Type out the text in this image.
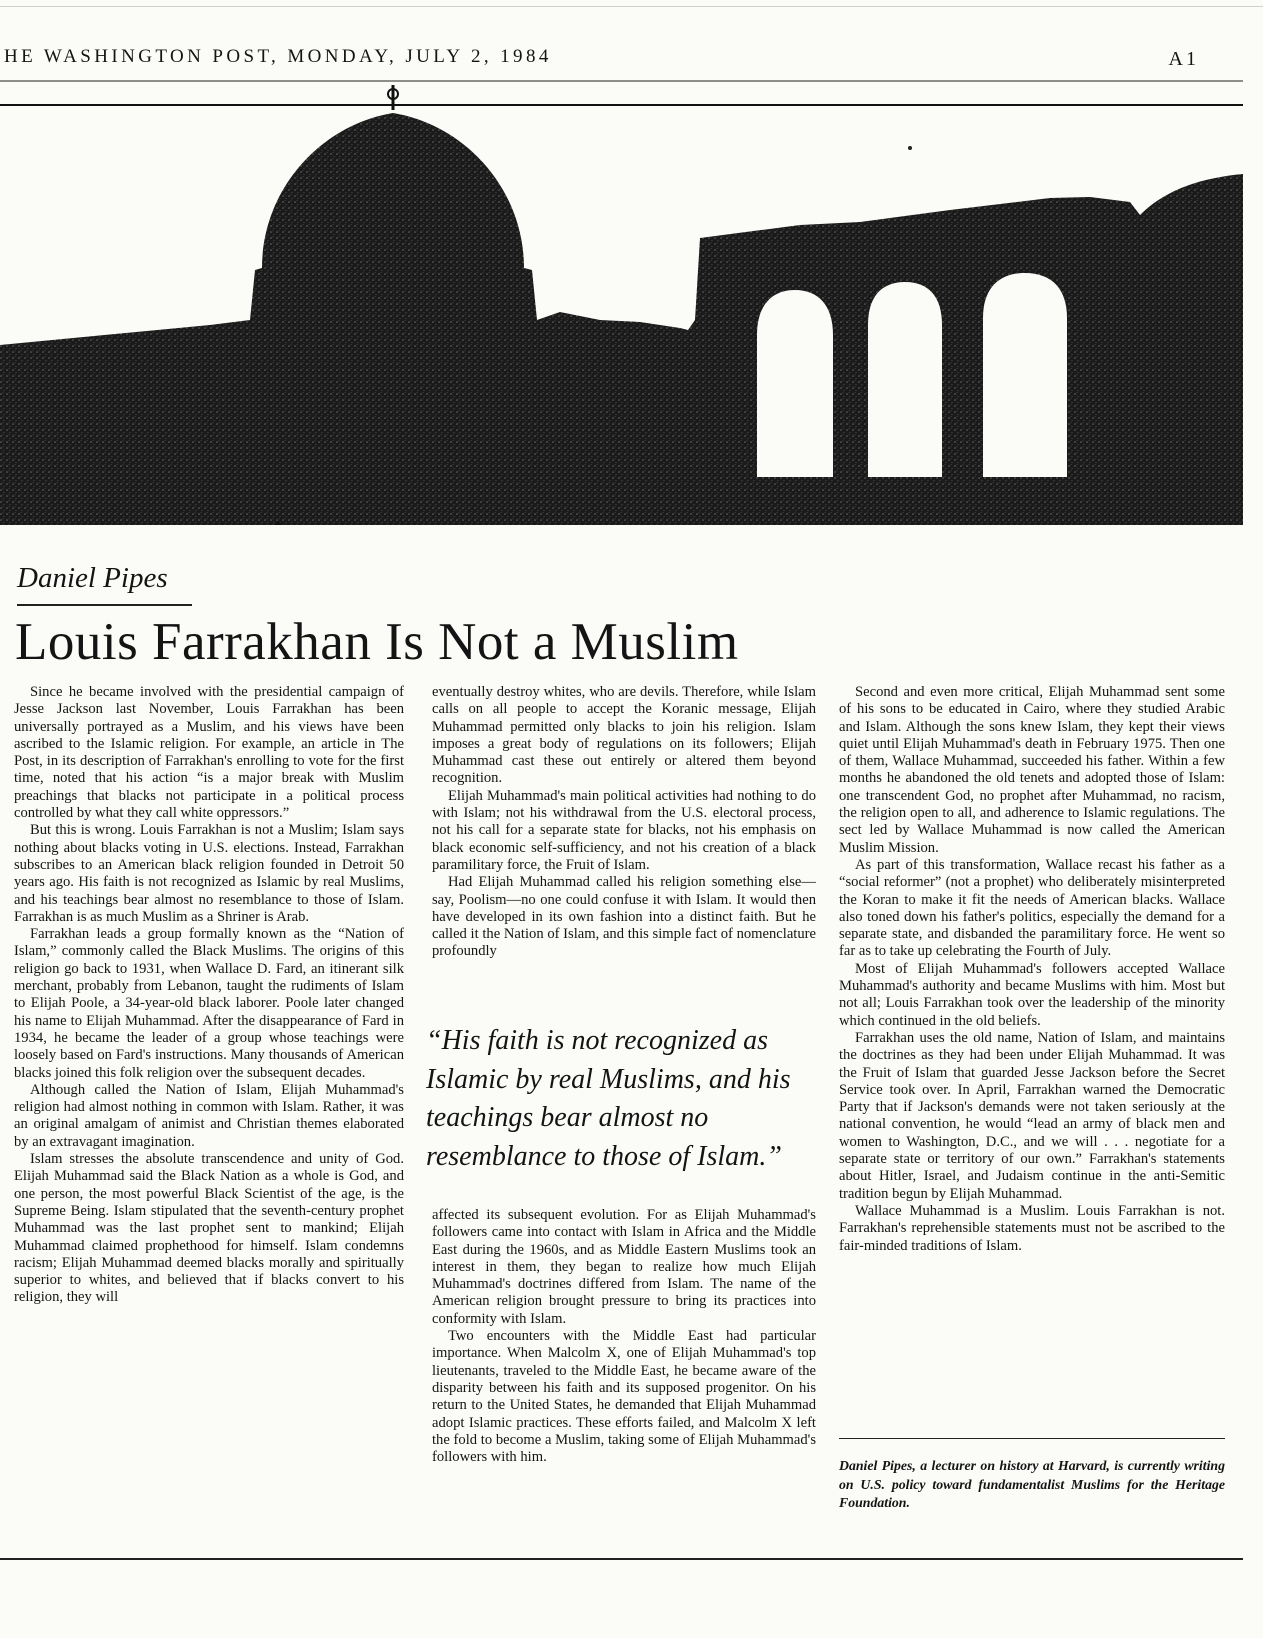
HE WASHINGTON POST, MONDAY, JULY 2, 1984	A1
Daniel Pipes
Louis Farrakhan Is Not a Muslim

Since he became involved with the presidential campaign of Jesse Jackson last November, Louis Farrakhan has been universally portrayed as a Muslim, and his views have been ascribed to the Islamic religion. For example, an article in The Post, in its description of Farrakhan's enrolling to vote for the first time, noted that his action “is a major break with Muslim preachings that blacks not participate in a political process controlled by what they call white oppressors.”

But this is wrong. Louis Farrakhan is not a Muslim; Islam says nothing about blacks voting in U.S. elections. Instead, Farrakhan subscribes to an American black religion founded in Detroit 50 years ago. His faith is not recognized as Islamic by real Muslims, and his teachings bear almost no resemblance to those of Islam. Farrakhan is as much Muslim as a Shriner is Arab.

Farrakhan leads a group formally known as the “Nation of Islam,” commonly called the Black Muslims. The origins of this religion go back to 1931, when Wallace D. Fard, an itinerant silk merchant, probably from Lebanon, taught the rudiments of Islam to Elijah Poole, a 34-year-old black laborer. Poole later changed his name to Elijah Muhammad. After the disappearance of Fard in 1934, he became the leader of a group whose teachings were loosely based on Fard's instructions. Many thousands of American blacks joined this folk religion over the subsequent decades.

Although called the Nation of Islam, Elijah Muhammad's religion had almost nothing in common with Islam. Rather, it was an original amalgam of animist and Christian themes elaborated by an extravagant imagination.

Islam stresses the absolute transcendence and unity of God. Elijah Muhammad said the Black Nation as a whole is God, and one person, the most powerful Black Scientist of the age, is the Supreme Being. Islam stipulated that the seventh-century prophet Muhammad was the last prophet sent to mankind; Elijah Muhammad claimed prophethood for himself. Islam condemns racism; Elijah Muhammad deemed blacks morally and spiritually superior to whites, and believed that if blacks convert to his religion, they will

eventually destroy whites, who are devils. Therefore, while Islam calls on all people to accept the Koranic message, Elijah Muhammad permitted only blacks to join his religion. Islam imposes a great body of regulations on its followers; Elijah Muhammad cast these out entirely or altered them beyond recognition.

Elijah Muhammad's main political activities had nothing to do with Islam; not his withdrawal from the U.S. electoral process, not his call for a separate state for blacks, not his emphasis on black economic self-sufficiency, and not his creation of a black paramilitary force, the Fruit of Islam.

Had Elijah Muhammad called his religion something else—say, Poolism—no one could confuse it with Islam. It would then have developed in its own fashion into a distinct faith. But he called it the Nation of Islam, and this simple fact of nomenclature profoundly

“His faith is not recognized as Islamic by real Muslims, and his teachings bear almost no resemblance to those of Islam.”

affected its subsequent evolution. For as Elijah Muhammad's followers came into contact with Islam in Africa and the Middle East during the 1960s, and as Middle Eastern Muslims took an interest in them, they began to realize how much Elijah Muhammad's doctrines differed from Islam. The name of the American religion brought pressure to bring its practices into conformity with Islam.

Two encounters with the Middle East had particular importance. When Malcolm X, one of Elijah Muhammad's top lieutenants, traveled to the Middle East, he became aware of the disparity between his faith and its supposed progenitor. On his return to the United States, he demanded that Elijah Muhammad adopt Islamic practices. These efforts failed, and Malcolm X left the fold to become a Muslim, taking some of Elijah Muhammad's followers with him.

Second and even more critical, Elijah Muhammad sent some of his sons to be educated in Cairo, where they studied Arabic and Islam. Although the sons knew Islam, they kept their views quiet until Elijah Muhammad's death in February 1975. Then one of them, Wallace Muhammad, succeeded his father. Within a few months he abandoned the old tenets and adopted those of Islam: one transcendent God, no prophet after Muhammad, no racism, the religion open to all, and adherence to Islamic regulations. The sect led by Wallace Muhammad is now called the American Muslim Mission.

As part of this transformation, Wallace recast his father as a “social reformer” (not a prophet) who deliberately misinterpreted the Koran to make it fit the needs of American blacks. Wallace also toned down his father's politics, especially the demand for a separate state, and disbanded the paramilitary force. He went so far as to take up celebrating the Fourth of July.

Most of Elijah Muhammad's followers accepted Wallace Muhammad's authority and became Muslims with him. Most but not all; Louis Farrakhan took over the leadership of the minority which continued in the old beliefs.

Farrakhan uses the old name, Nation of Islam, and maintains the doctrines as they had been under Elijah Muhammad. It was the Fruit of Islam that guarded Jesse Jackson before the Secret Service took over. In April, Farrakhan warned the Democratic Party that if Jackson's demands were not taken seriously at the national convention, he would “lead an army of black men and women to Washington, D.C., and we will . . . negotiate for a separate state or territory of our own.” Farrakhan's statements about Hitler, Israel, and Judaism continue in the anti-Semitic tradition begun by Elijah Muhammad.

Wallace Muhammad is a Muslim. Louis Farrakhan is not. Farrakhan's reprehensible statements must not be ascribed to the fair-minded traditions of Islam.

Daniel Pipes, a lecturer on history at Harvard, is currently writing on U.S. policy toward fundamentalist Muslims for the Heritage Foundation.
